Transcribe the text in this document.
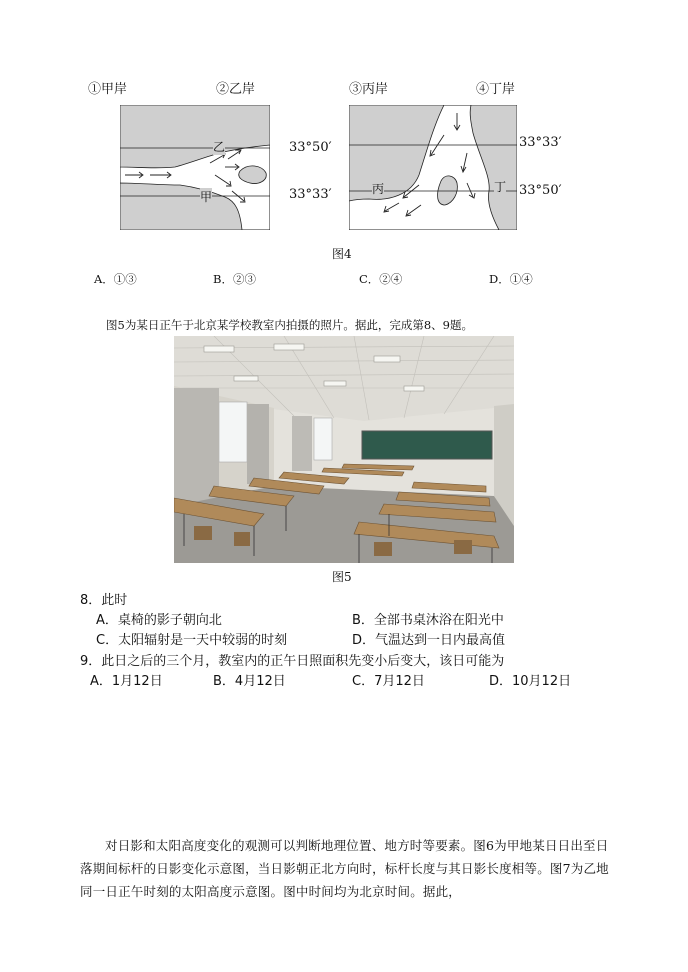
①甲岸	②乙岸	③丙岸	④丁岸
乙
甲
33°50′
33°33′	丙	丁
33°33′
33°50′
图4
A．①③	B．②③	C．②④	D．①④
图5为某日正午于北京某学校教室内拍摄的照片。据此，完成第8、9题。
图5
8．此时
A．桌椅的影子朝向北	B．全部书桌沐浴在阳光中
C．太阳辐射是一天中较弱的时刻	D．气温达到一日内最高值
9．此日之后的三个月，教室内的正午日照面积先变小后变大，该日可能为
A．1月12日	B．4月12日	C．7月12日	D．10月12日
对日影和太阳高度变化的观测可以判断地理位置、地方时等要素。图6为甲地某日日出至日落期间标杆的日影变化示意图，当日影朝正北方向时，标杆长度与其日影长度相等。图7为乙地同一日正午时刻的太阳高度示意图。图中时间均为北京时间。据此，
